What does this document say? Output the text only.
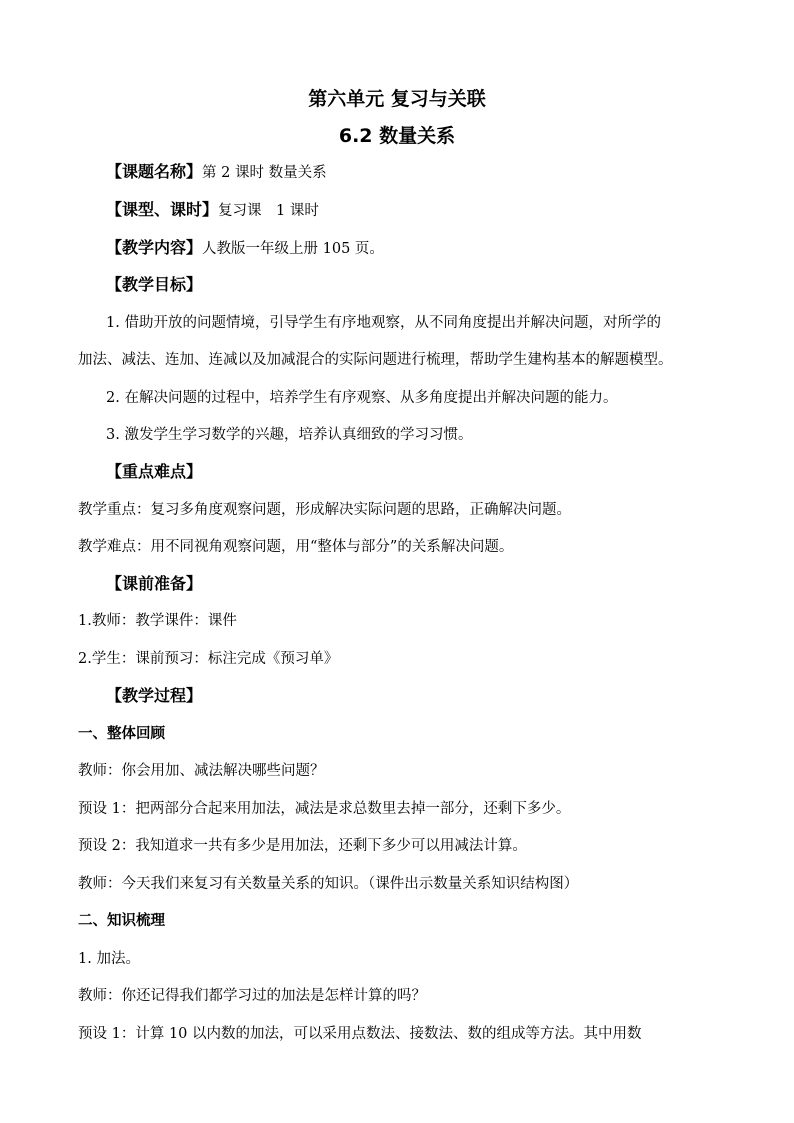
第六单元 复习与关联
6.2 数量关系
【课题名称】第 2 课时 数量关系
【课型、课时】复习课　1 课时
【教学内容】人教版一年级上册 105 页。
【教学目标】
1. 借助开放的问题情境，引导学生有序地观察，从不同角度提出并解决问题，对所学的
加法、减法、连加、连减以及加减混合的实际问题进行梳理，帮助学生建构基本的解题模型。
2. 在解决问题的过程中，培养学生有序观察、从多角度提出并解决问题的能力。
3. 激发学生学习数学的兴趣，培养认真细致的学习习惯。
【重点难点】
教学重点：复习多角度观察问题，形成解决实际问题的思路，正确解决问题。
教学难点：用不同视角观察问题，用“整体与部分”的关系解决问题。
【课前准备】
1.教师：教学课件：课件
2.学生：课前预习：标注完成《预习单》
【教学过程】
一、整体回顾
教师：你会用加、减法解决哪些问题？
预设 1：把两部分合起来用加法，减法是求总数里去掉一部分，还剩下多少。
预设 2：我知道求一共有多少是用加法，还剩下多少可以用减法计算。
教师：今天我们来复习有关数量关系的知识。（课件出示数量关系知识结构图）
二、知识梳理
1. 加法。
教师：你还记得我们都学习过的加法是怎样计算的吗？
预设 1：计算 10 以内数的加法，可以采用点数法、接数法、数的组成等方法。其中用数
